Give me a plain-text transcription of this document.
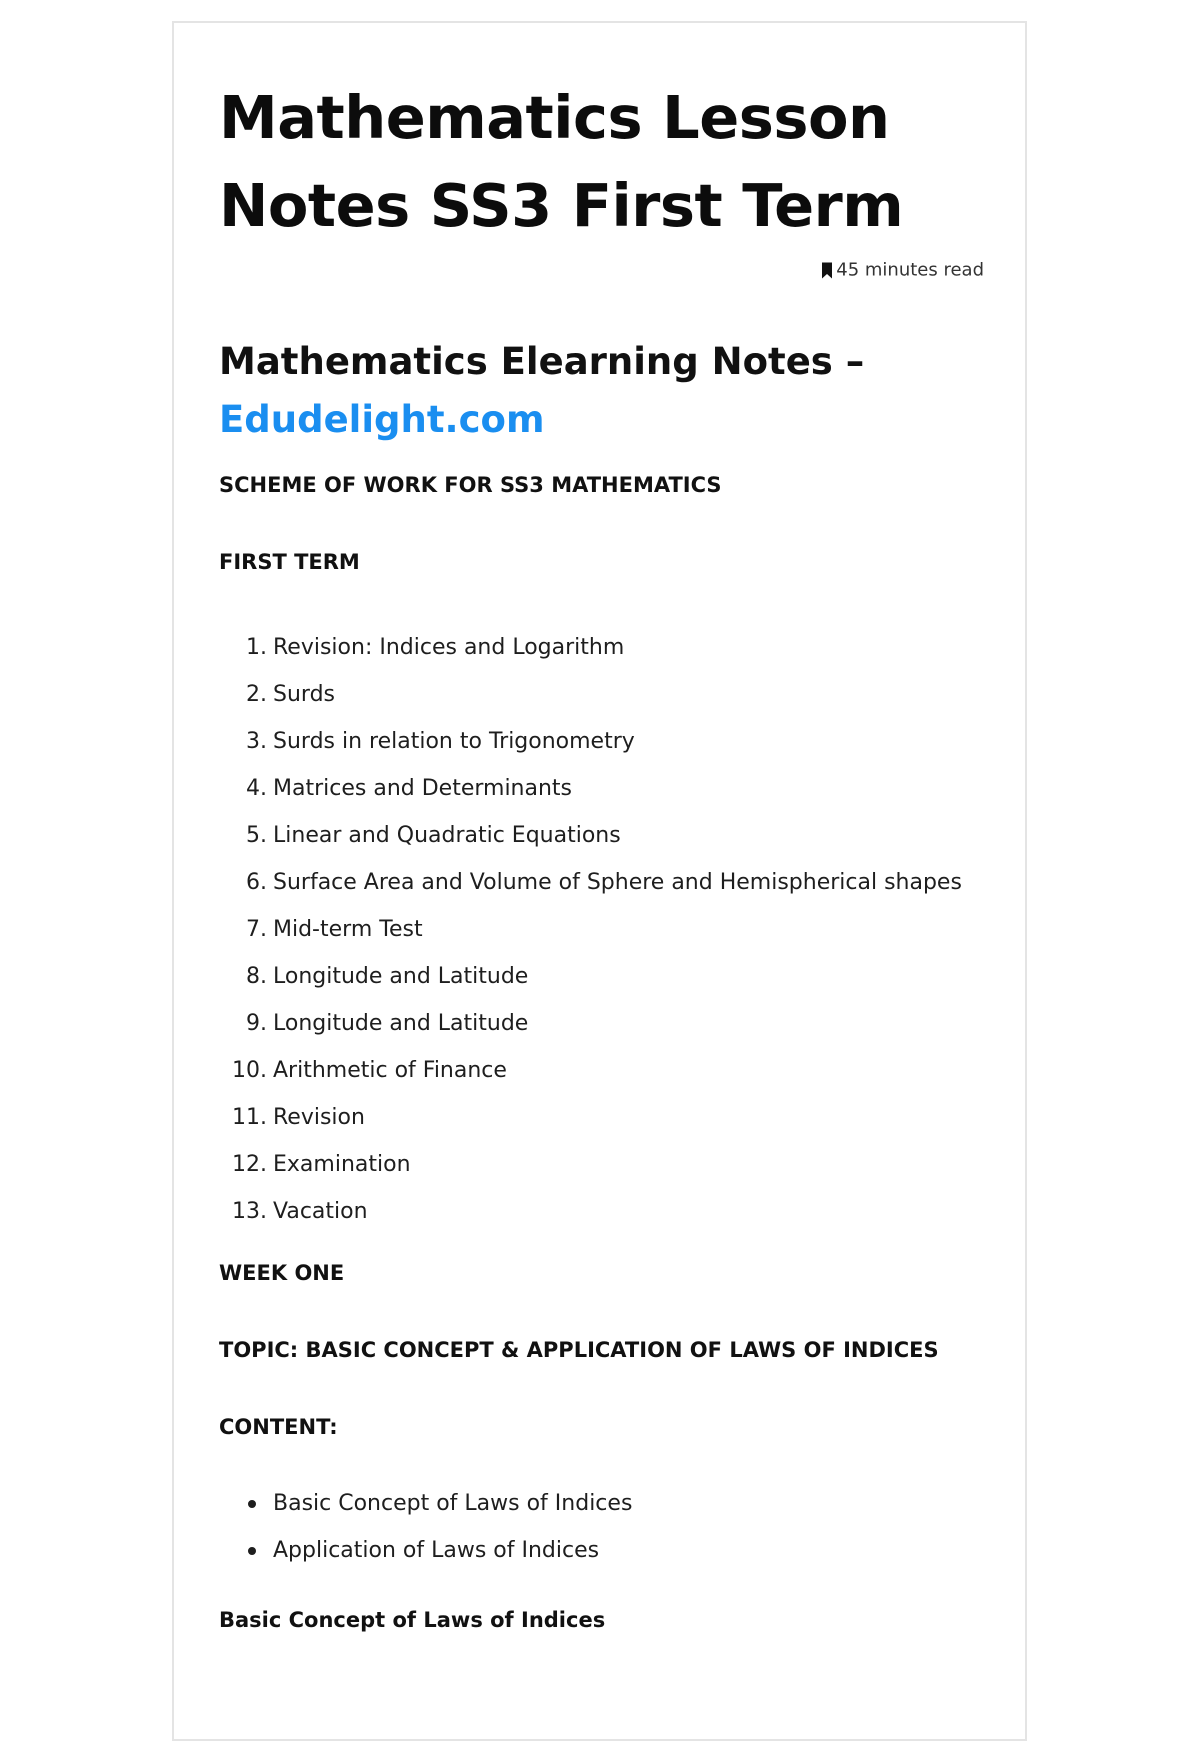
Mathematics Lesson Notes SS3 First Term
45 minutes read
Mathematics Elearning Notes –
Edudelight.com

SCHEME OF WORK FOR SS3 MATHEMATICS

FIRST TERM

1. Revision: Indices and Logarithm
2. Surds
3. Surds in relation to Trigonometry
4. Matrices and Determinants
5. Linear and Quadratic Equations
6. Surface Area and Volume of Sphere and Hemispherical shapes
7. Mid-term Test
8. Longitude and Latitude
9. Longitude and Latitude
10. Arithmetic of Finance
11. Revision
12. Examination
13. Vacation

WEEK ONE

TOPIC: BASIC CONCEPT & APPLICATION OF LAWS OF INDICES

CONTENT:

Basic Concept of Laws of Indices
Application of Laws of Indices

Basic Concept of Laws of Indices
